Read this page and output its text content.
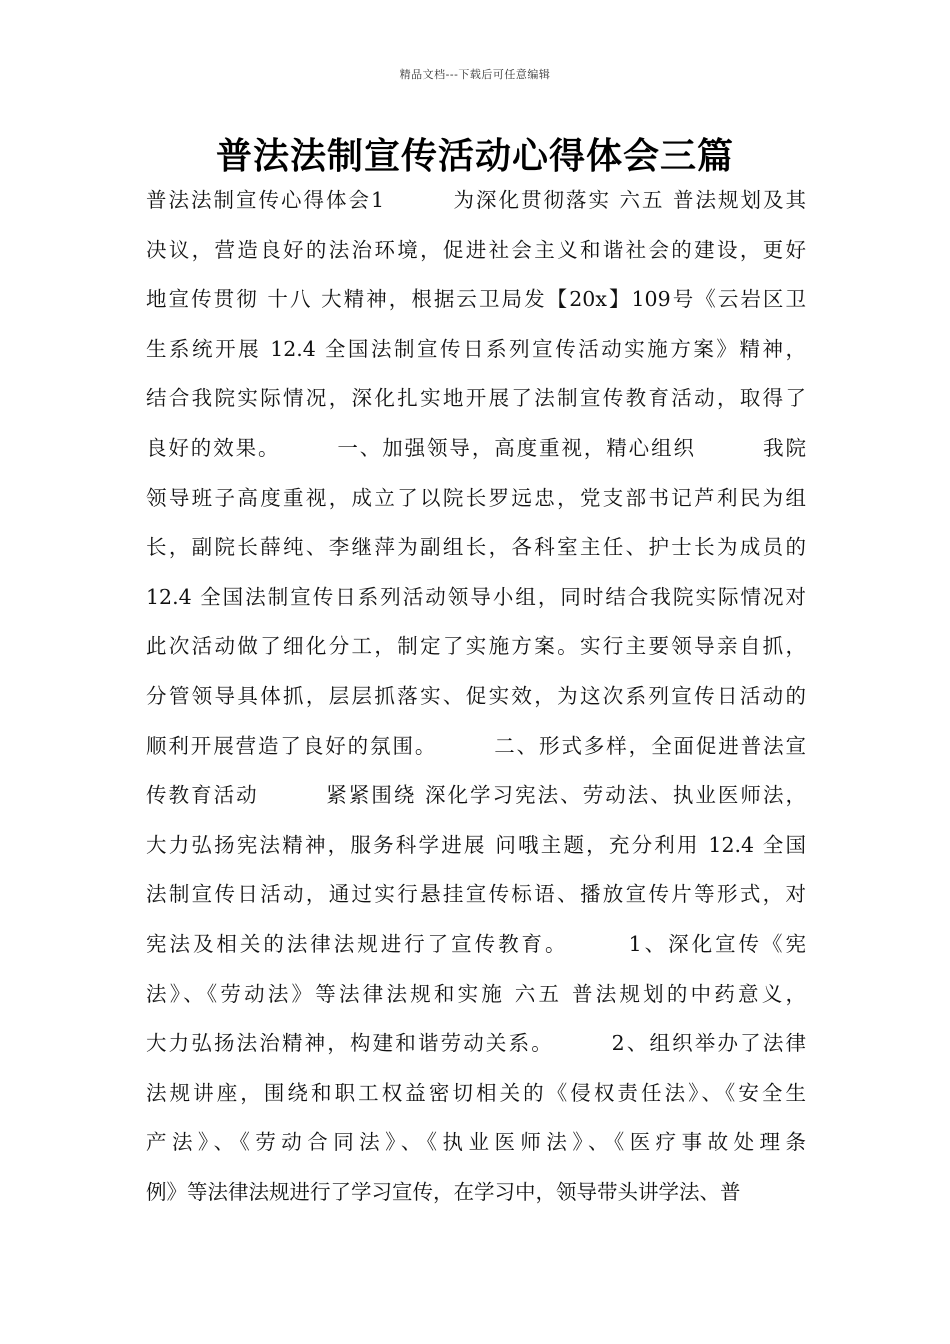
精品文档---下载后可任意编辑
普法法制宣传活动心得体会三篇
普法法制宣传心得体会1　　　为深化贯彻落实 六五 普法规划及其
决议，营造良好的法治环境，促进社会主义和谐社会的建设，更好
地宣传贯彻 十八 大精神，根据云卫局发【20x】109号《云岩区卫
生系统开展 12.4 全国法制宣传日系列宣传活动实施方案》精神，
结合我院实际情况，深化扎实地开展了法制宣传教育活动，取得了
良好的效果。　　　一、加强领导，高度重视，精心组织　　　我院
领导班子高度重视，成立了以院长罗远忠，党支部书记芦利民为组
长，副院长薛纯、李继萍为副组长，各科室主任、护士长为成员的
12.4 全国法制宣传日系列活动领导小组，同时结合我院实际情况对
此次活动做了细化分工，制定了实施方案。实行主要领导亲自抓，
分管领导具体抓，层层抓落实、促实效，为这次系列宣传日活动的
顺利开展营造了良好的氛围。　　　二、形式多样，全面促进普法宣
传教育活动　　　紧紧围绕 深化学习宪法、劳动法、执业医师法，
大力弘扬宪法精神，服务科学进展 问哦主题，充分利用 12.4 全国
法制宣传日活动，通过实行悬挂宣传标语、播放宣传片等形式，对
宪法及相关的法律法规进行了宣传教育。　　　1、深化宣传《宪
法》、《劳动法》等法律法规和实施 六五 普法规划的中药意义，
大力弘扬法治精神，构建和谐劳动关系。　　　2、组织举办了法律
法规讲座，围绕和职工权益密切相关的《侵权责任法》、《安全生
产法》、《劳动合同法》、《执业医师法》、《医疗事故处理条
例》等法律法规进行了学习宣传，在学习中，领导带头讲学法、普
